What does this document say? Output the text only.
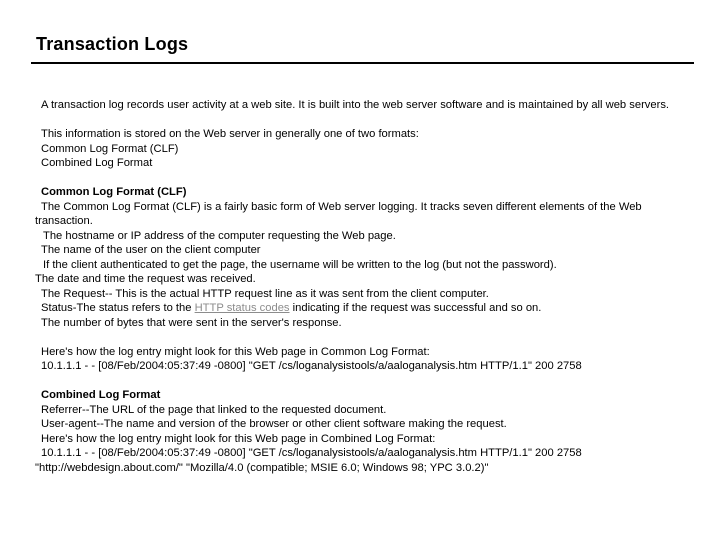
Transaction Logs
A transaction log records user activity at a web site. It is built into the web server software and is maintained by all web servers.
This information is stored on the Web server in generally one of two formats:
Common Log Format (CLF)
Combined Log Format
Common Log Format (CLF)
The Common Log Format (CLF) is a fairly basic form of Web server logging. It tracks seven different elements of the Web transaction.
The hostname or IP address of the computer requesting the Web page.
The name of the user on the client computer
If the client authenticated to get the page, the username will be written to the log (but not the password).
The date and time the request was received.
The Request-- This is the actual HTTP request line as it was sent from the client computer.
Status-The status refers to the HTTP status codes indicating if the request was successful and so on.
The number of bytes that were sent in the server's response.
Here's how the log entry might look for this Web page in Common Log Format:
10.1.1.1 - - [08/Feb/2004:05:37:49 -0800] "GET /cs/loganalysistools/a/aaloganalysis.htm HTTP/1.1" 200 2758
Combined Log Format
Referrer--The URL of the page that linked to the requested document.
User-agent--The name and version of the browser or other client software making the request.
Here's how the log entry might look for this Web page in Combined Log Format:
10.1.1.1 - - [08/Feb/2004:05:37:49 -0800] "GET /cs/loganalysistools/a/aaloganalysis.htm HTTP/1.1" 200 2758
"http://webdesign.about.com/" "Mozilla/4.0 (compatible; MSIE 6.0; Windows 98; YPC 3.0.2)"
